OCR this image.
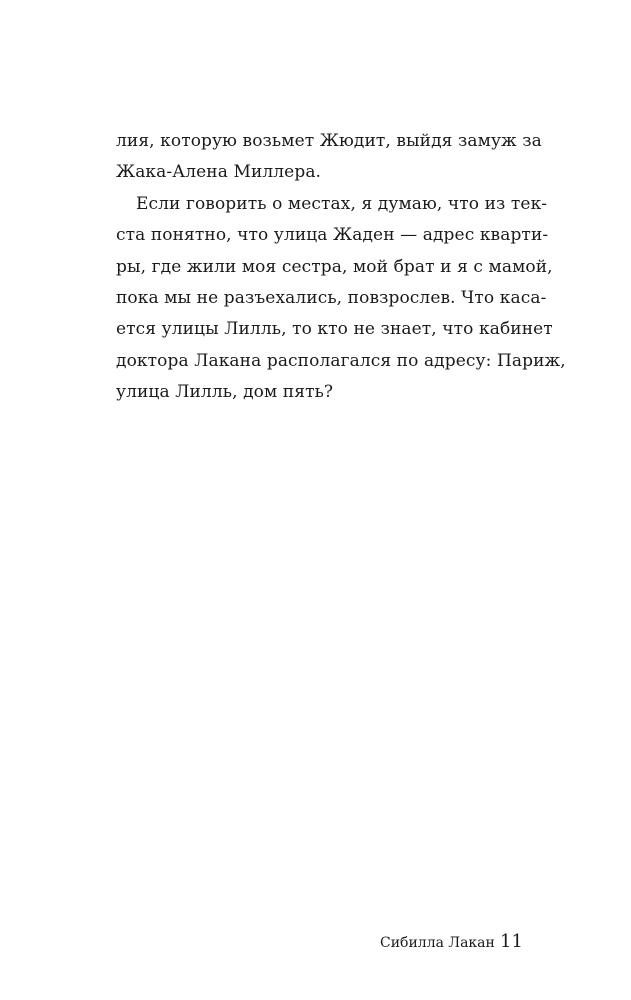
лия, которую возьмет Жюдит, выйдя замуж за
Жака-Алена Миллера.
Если говорить о местах, я думаю, что из тек-
ста понятно, что улица Жаден — адрес кварти-
ры, где жили моя сестра, мой брат и я с мамой,
пока мы не разъехались, повзрослев. Что каса-
ется улицы Лилль, то кто не знает, что кабинет
доктора Лакана располагался по адресу: Париж,
улица Лилль, дом пять?
Сибилла Лакан 11
